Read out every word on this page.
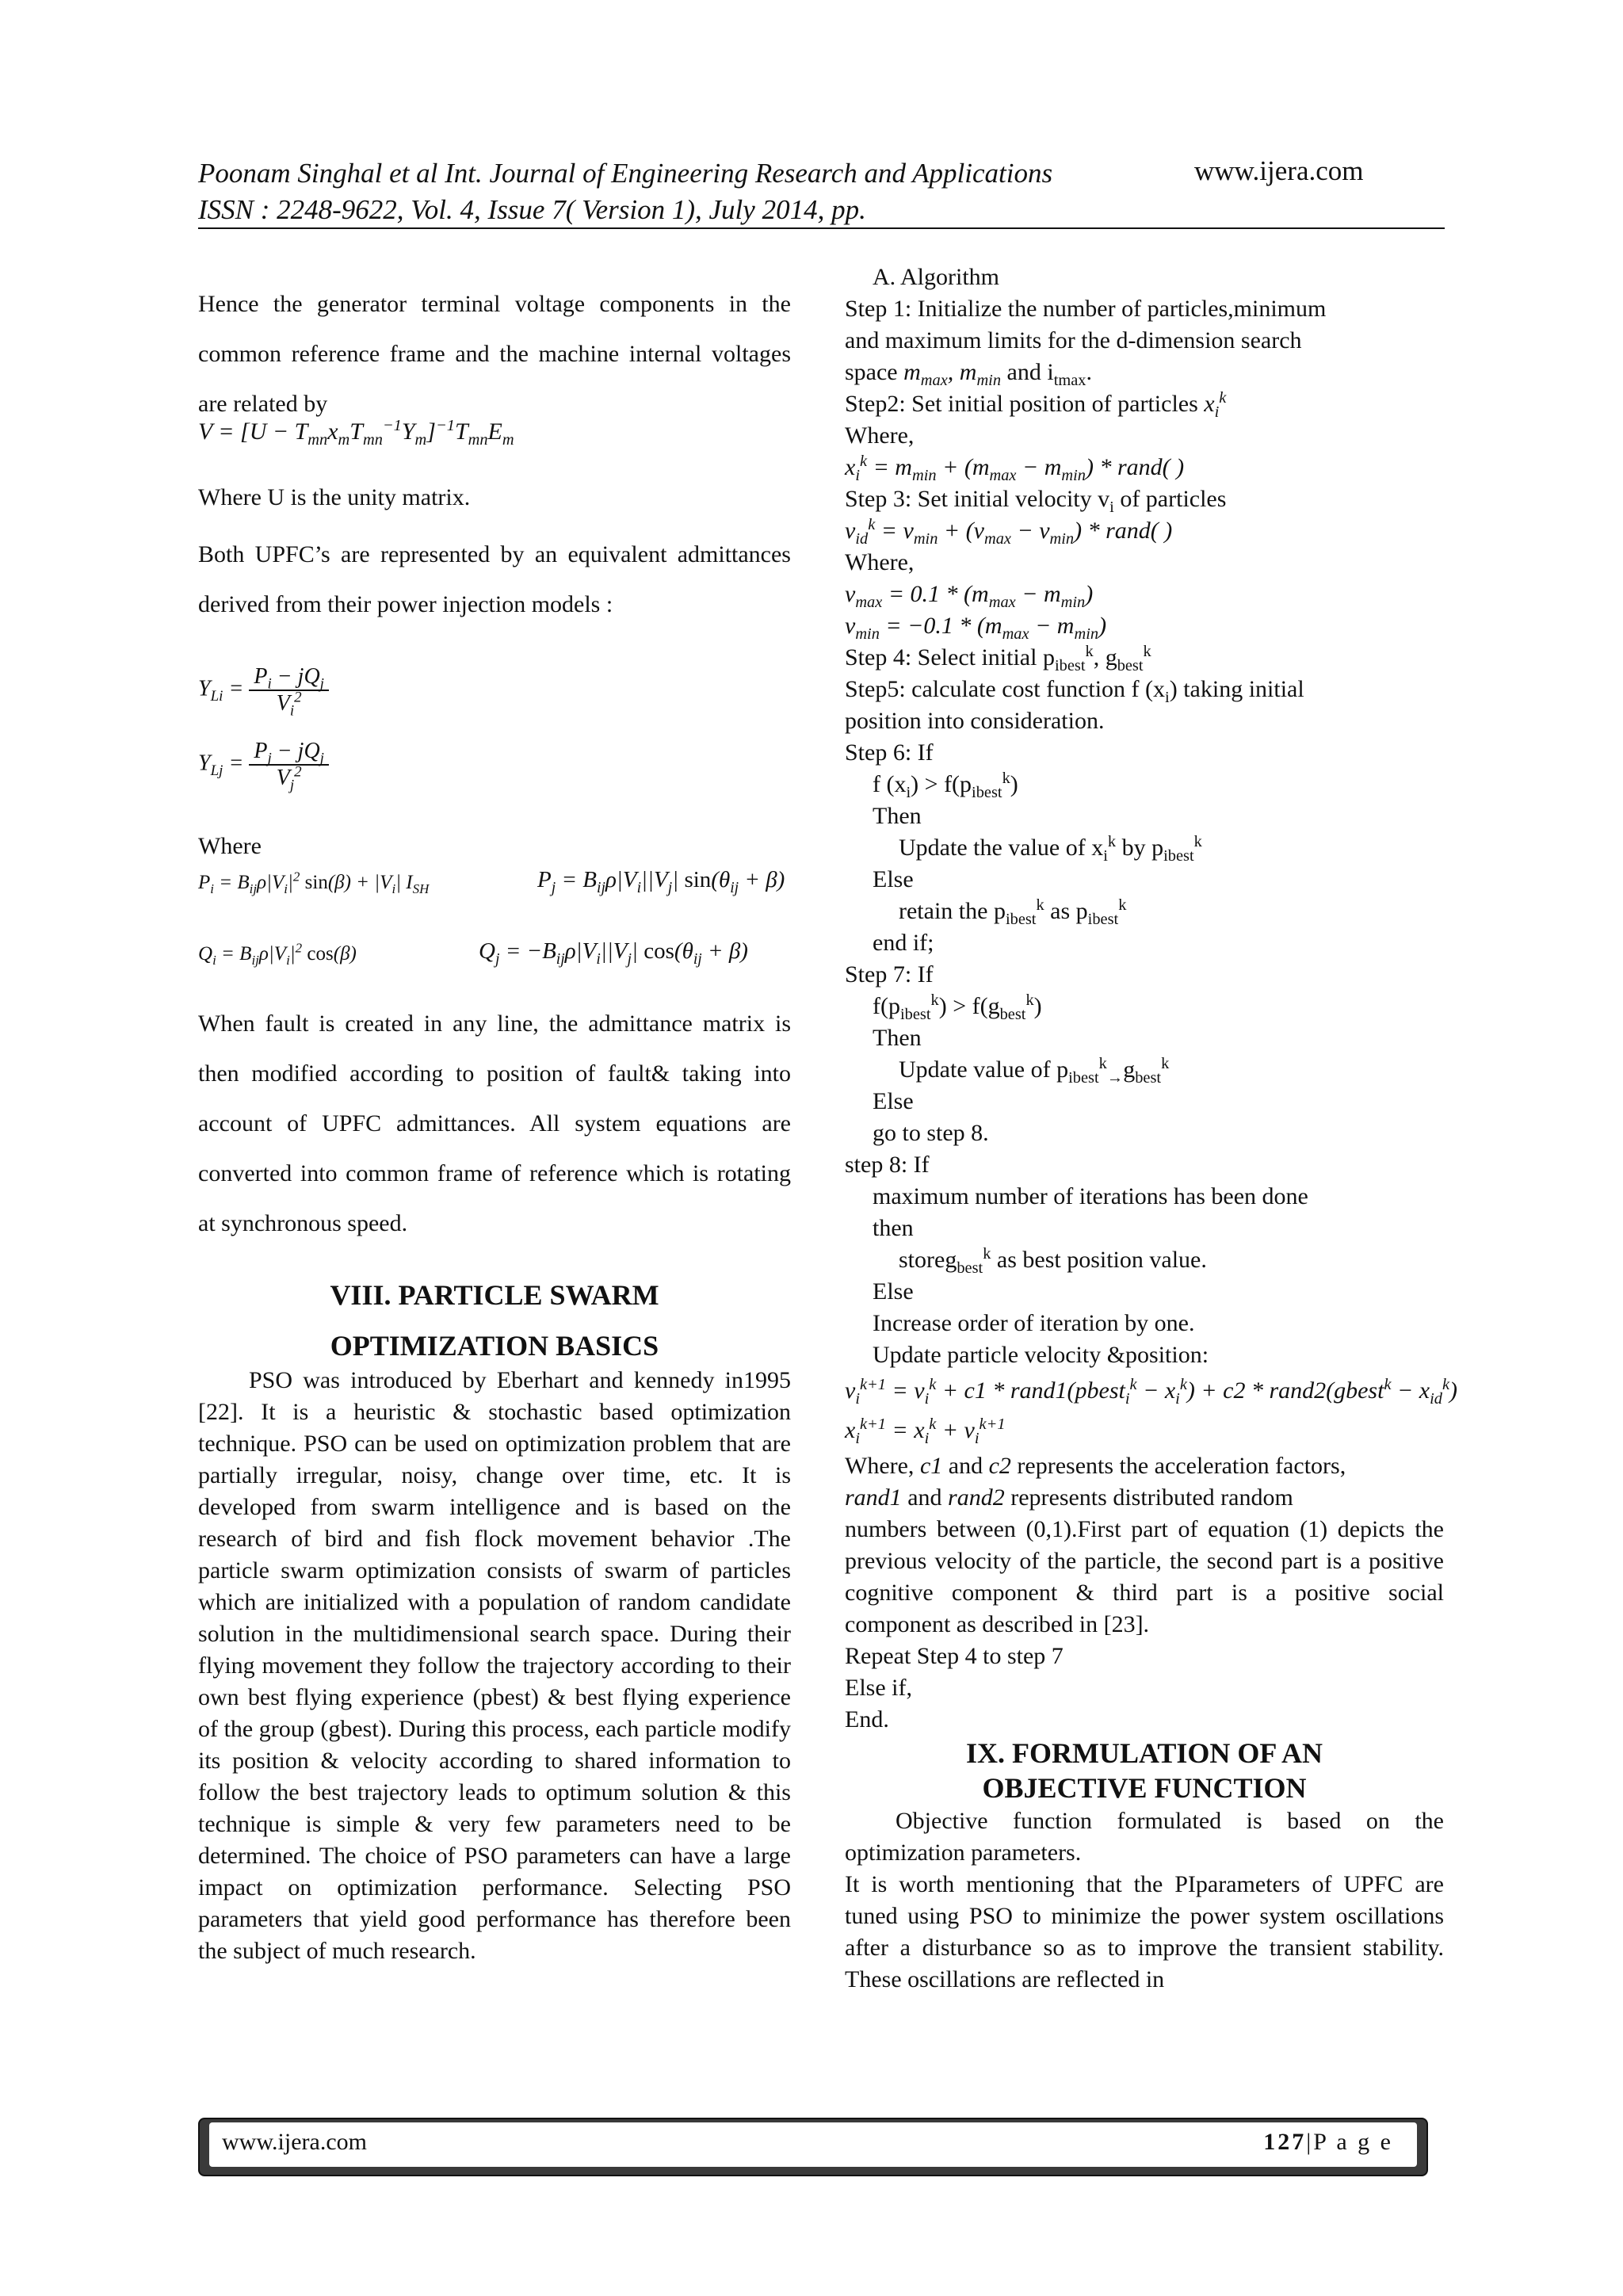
Poonam Singhal et al Int. Journal of Engineering Research and Applications
ISSN : 2248-9622, Vol. 4, Issue 7( Version 1), July 2014, pp.
www.ijera.com
Hence the generator terminal voltage components in the common reference frame and the machine internal voltages are related by
$V = [U - T_{mn}x_mT_{mn}^{-1}Y_m]^{-1}T_{mn}E_m$
Where U is the unity matrix.
Both UPFC’s are represented by an equivalent admittances derived from their power injection models :
$Y_{Li} = \frac{P_i - jQ_j}{V_i^2}$
$Y_{Lj} = \frac{P_j - jQ_j}{V_j^2}$
Where
$P_i = B_{ij}\rho|V_i|^2$ $\sin(\beta) + |V_i|$ $I_{SH}$	$P_j = B_{ij}\rho|V_i||V_j|$ $\sin(\theta_{ij} + \beta)$
$Q_i = B_{ij}\rho|V_i|^2$ cos(β)	$Q_j = -B_{ij}\rho|V_i||V_j|$ $\cos(\theta_{ij} + \beta)$
When fault is created in any line, the admittance matrix is then modified according to position of fault& taking into account of UPFC admittances. All system equations are converted into common frame of reference which is rotating at synchronous speed.
VIII. PARTICLE SWARM
OPTIMIZATION BASICS
PSO was introduced by Eberhart and kennedy in1995 [22]. It is a heuristic & stochastic based optimization technique. PSO can be used on optimization problem that are partially irregular, noisy, change over time, etc. It is developed from swarm intelligence and is based on the research of bird and fish flock movement behavior .The particle swarm optimization consists of swarm of particles which are initialized with a population of random candidate solution in the multidimensional search space. During their flying movement they follow the trajectory according to their own best flying experience (pbest) & best flying experience of the group (gbest). During this process, each particle modify its position & velocity according to shared information to follow the best trajectory leads to optimum solution & this technique is simple & very few parameters need to be determined. The choice of PSO parameters can have a large impact on optimization performance. Selecting PSO parameters that yield good performance has therefore been the subject of much research.
A. Algorithm
Step 1: Initialize the number of particles,minimum
and maximum limits for the d-dimension search
space $m_{max}$, $m_{min}$ and $i_{tmax}$.
Step2: Set initial position of particles $x_i^k$
Where,
$x_i^k = m_{min} + (m_{max} - m_{min})$ * rand( )
Step 3: Set initial velocity $v_i$ of particles
$v_{id}^k = v_{min} + (v_{max} - v_{min})$ * rand( )
Where,
$v_{max} = 0.1 * (m_{max} - m_{min})$
$v_{min} = -0.1 * (m_{max} - m_{min})$
Step 4: Select initial $p_{ibest}^k$, $g_{best}^k$
Step5: calculate cost function f $(x_i)$ taking initial
position into consideration.
Step 6: If
f $(x_i) > f(p_{ibest}^k)$
Then
Update the value of $x_i^k$ by $p_{ibest}^k$
Else
retain the $p_{ibest}^k$ as $p_{ibest}^k$
end if;
Step 7: If
$f(p_{ibest}^k) > f(g_{best}^k)$
Then
Update value of $p_{ibest}^k_\to g_{best}^k$
Else
go to step 8.
step 8: If
maximum number of iterations has been done
then
storeg$_{best}^k$ as best position value.
Else
Increase order of iteration by one.
Update particle velocity &position:
$v_i^{k+1} = v_i^k + c1$ * rand1(pbest$_i^k$ − $x_i^k) + c2$ * rand2(gbest$^k$ − $x_{id}^k$)
$x_i^{k+1} = x_i^k + v_i^{k+1}$
Where, c1 and c2 represents the acceleration factors,
rand1 and rand2 represents distributed random
numbers between (0,1).First part of equation (1) depicts the previous velocity of the particle, the second part is a positive cognitive component & third part is a positive social component as described in [23].
Repeat Step 4 to step 7
Else if,
End.
IX. FORMULATION OF AN
OBJECTIVE FUNCTION
Objective function formulated is based on the optimization parameters.
It is worth mentioning that the PIparameters of UPFC are tuned using PSO to minimize the power system oscillations after a disturbance so as to improve the transient stability. These oscillations are reflected in
www.ijera.com	127|P a g e
